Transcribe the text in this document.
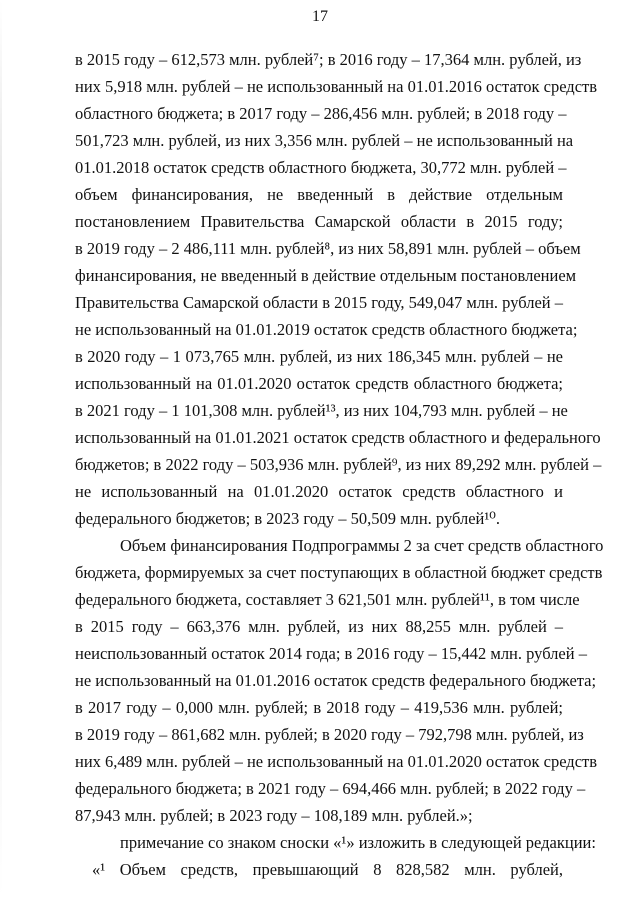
17
в 2015 году – 612,573 млн. рублей⁷; в 2016 году – 17,364 млн. рублей, из
них 5,918 млн. рублей – не использованный на 01.01.2016 остаток средств
областного бюджета; в 2017 году – 286,456 млн. рублей; в 2018 году –
501,723 млн. рублей, из них 3,356 млн. рублей – не использованный на
01.01.2018 остаток средств областного бюджета, 30,772 млн. рублей –
объем финансирования, не введенный в действие отдельным
постановлением Правительства Самарской области в 2015 году;
в 2019 году – 2 486,111 млн. рублей⁸, из них 58,891 млн. рублей – объем
финансирования, не введенный в действие отдельным постановлением
Правительства Самарской области в 2015 году, 549,047 млн. рублей –
не использованный на 01.01.2019 остаток средств областного бюджета;
в 2020 году – 1 073,765 млн. рублей, из них 186,345 млн. рублей – не
использованный на 01.01.2020 остаток средств областного бюджета;
в 2021 году – 1 101,308 млн. рублей¹³, из них 104,793 млн. рублей – не
использованный на 01.01.2021 остаток средств областного и федерального
бюджетов; в 2022 году – 503,936 млн. рублей⁹, из них 89,292 млн. рублей –
не использованный на 01.01.2020 остаток средств областного и
федерального бюджетов; в 2023 году – 50,509 млн. рублей¹⁰.
Объем финансирования Подпрограммы 2 за счет средств областного
бюджета, формируемых за счет поступающих в областной бюджет средств
федерального бюджета, составляет 3 621,501 млн. рублей¹¹, в том числе
в 2015 году – 663,376 млн. рублей, из них 88,255 млн. рублей –
неиспользованный остаток 2014 года; в 2016 году – 15,442 млн. рублей –
не использованный на 01.01.2016 остаток средств федерального бюджета;
в 2017 году – 0,000 млн. рублей; в 2018 году – 419,536 млн. рублей;
в 2019 году – 861,682 млн. рублей; в 2020 году – 792,798 млн. рублей, из
них 6,489 млн. рублей – не использованный на 01.01.2020 остаток средств
федерального бюджета; в 2021 году – 694,466 млн. рублей; в 2022 году –
87,943 млн. рублей; в 2023 году – 108,189 млн. рублей.»;
примечание со знаком сноски «¹» изложить в следующей редакции:
«¹ Объем средств, превышающий 8 828,582 млн. рублей,
